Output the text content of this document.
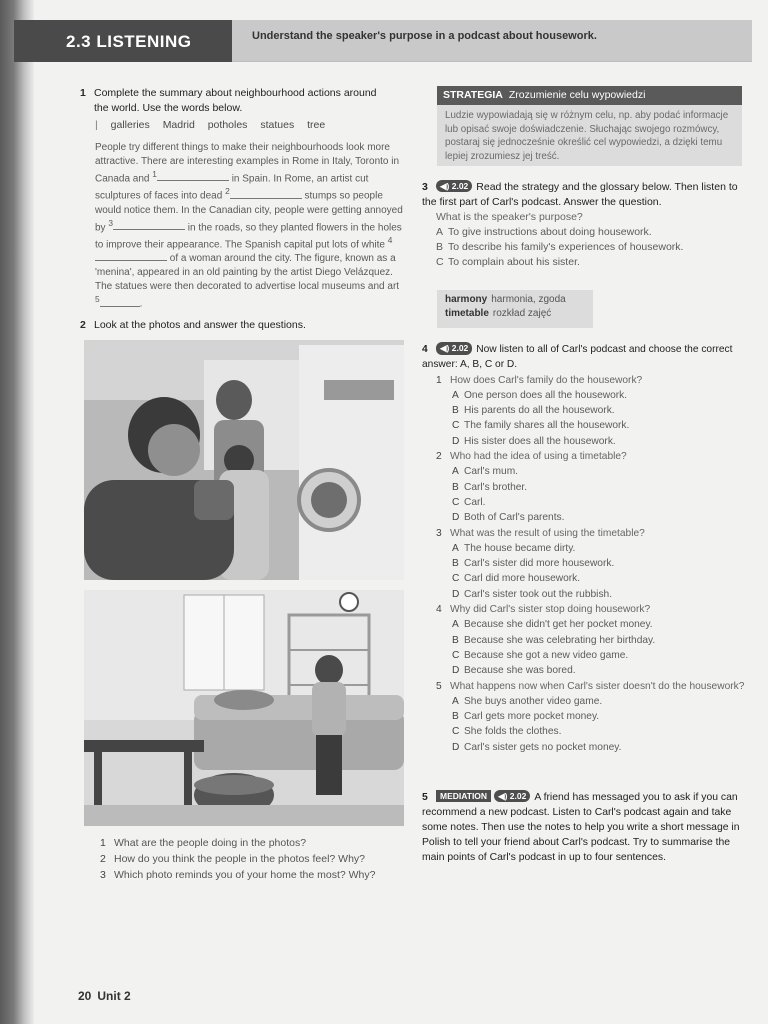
2.3 LISTENING	Understand the speaker's purpose in a podcast about housework.
1 Complete the summary about neighbourhood actions around the world. Use the words below.
| galleries Madrid potholes statues tree
People try different things to make their neighbourhoods look more attractive. There are interesting examples in Rome in Italy, Toronto in Canada and $^1$	in Spain. In Rome, an artist cut sculptures of faces into dead $^2$	stumps so people would notice them. In the Canadian city, people were getting annoyed by $^3$	in the roads, so they planted flowers in the holes to improve their appearance. The Spanish capital put lots of white $^4$ of a woman around the city. The figure, known as a 'menina', appeared in an old painting by the artist Diego Velázquez. The statues were then decorated to advertise local museums and art $^5$	.
2 Look at the photos and answer the questions.
1 What are the people doing in the photos?
2 How do you think the people in the photos feel? Why?
3 Which photo reminds you of your home the most? Why?
STRATEGIA Zrozumienie celu wypowiedzi
Ludzie wypowiadają się w różnym celu, np. aby podać informacje lub opisać swoje doświadczenie. Słuchając swojego rozmówcy, postaraj się jednocześnie określić cel wypowiedzi, a dzięki temu lepiej zrozumiesz jej treść.
3 ◀) 2.02 Read the strategy and the glossary below. Then listen to the first part of Carl's podcast. Answer the question.
What is the speaker's purpose?
A To give instructions about doing housework.
B To describe his family's experiences of housework.
C To complain about his sister.
harmony harmonia, zgoda
timetable rozkład zajęć
4 ◀) 2.02 Now listen to all of Carl's podcast and choose the correct answer: A, B, C or D.
1 How does Carl's family do the housework?
A One person does all the housework.
B His parents do all the housework.
C The family shares all the housework.
D His sister does all the housework.
2 Who had the idea of using a timetable?
A Carl's mum.
B Carl's brother.
C Carl.
D Both of Carl's parents.
3 What was the result of using the timetable?
A The house became dirty.
B Carl's sister did more housework.
C Carl did more housework.
D Carl's sister took out the rubbish.
4 Why did Carl's sister stop doing housework?
A Because she didn't get her pocket money.
B Because she was celebrating her birthday.
C Because she got a new video game.
D Because she was bored.
5 What happens now when Carl's sister doesn't do the housework?
A She buys another video game.
B Carl gets more pocket money.
C She folds the clothes.
D Carl's sister gets no pocket money.
5 MEDIATION ◀) 2.02 A friend has messaged you to ask if you can recommend a new podcast. Listen to Carl's podcast again and take some notes. Then use the notes to help you write a short message in Polish to tell your friend about Carl's podcast. Try to summarise the main points of Carl's podcast in up to four sentences.
20 Unit 2
